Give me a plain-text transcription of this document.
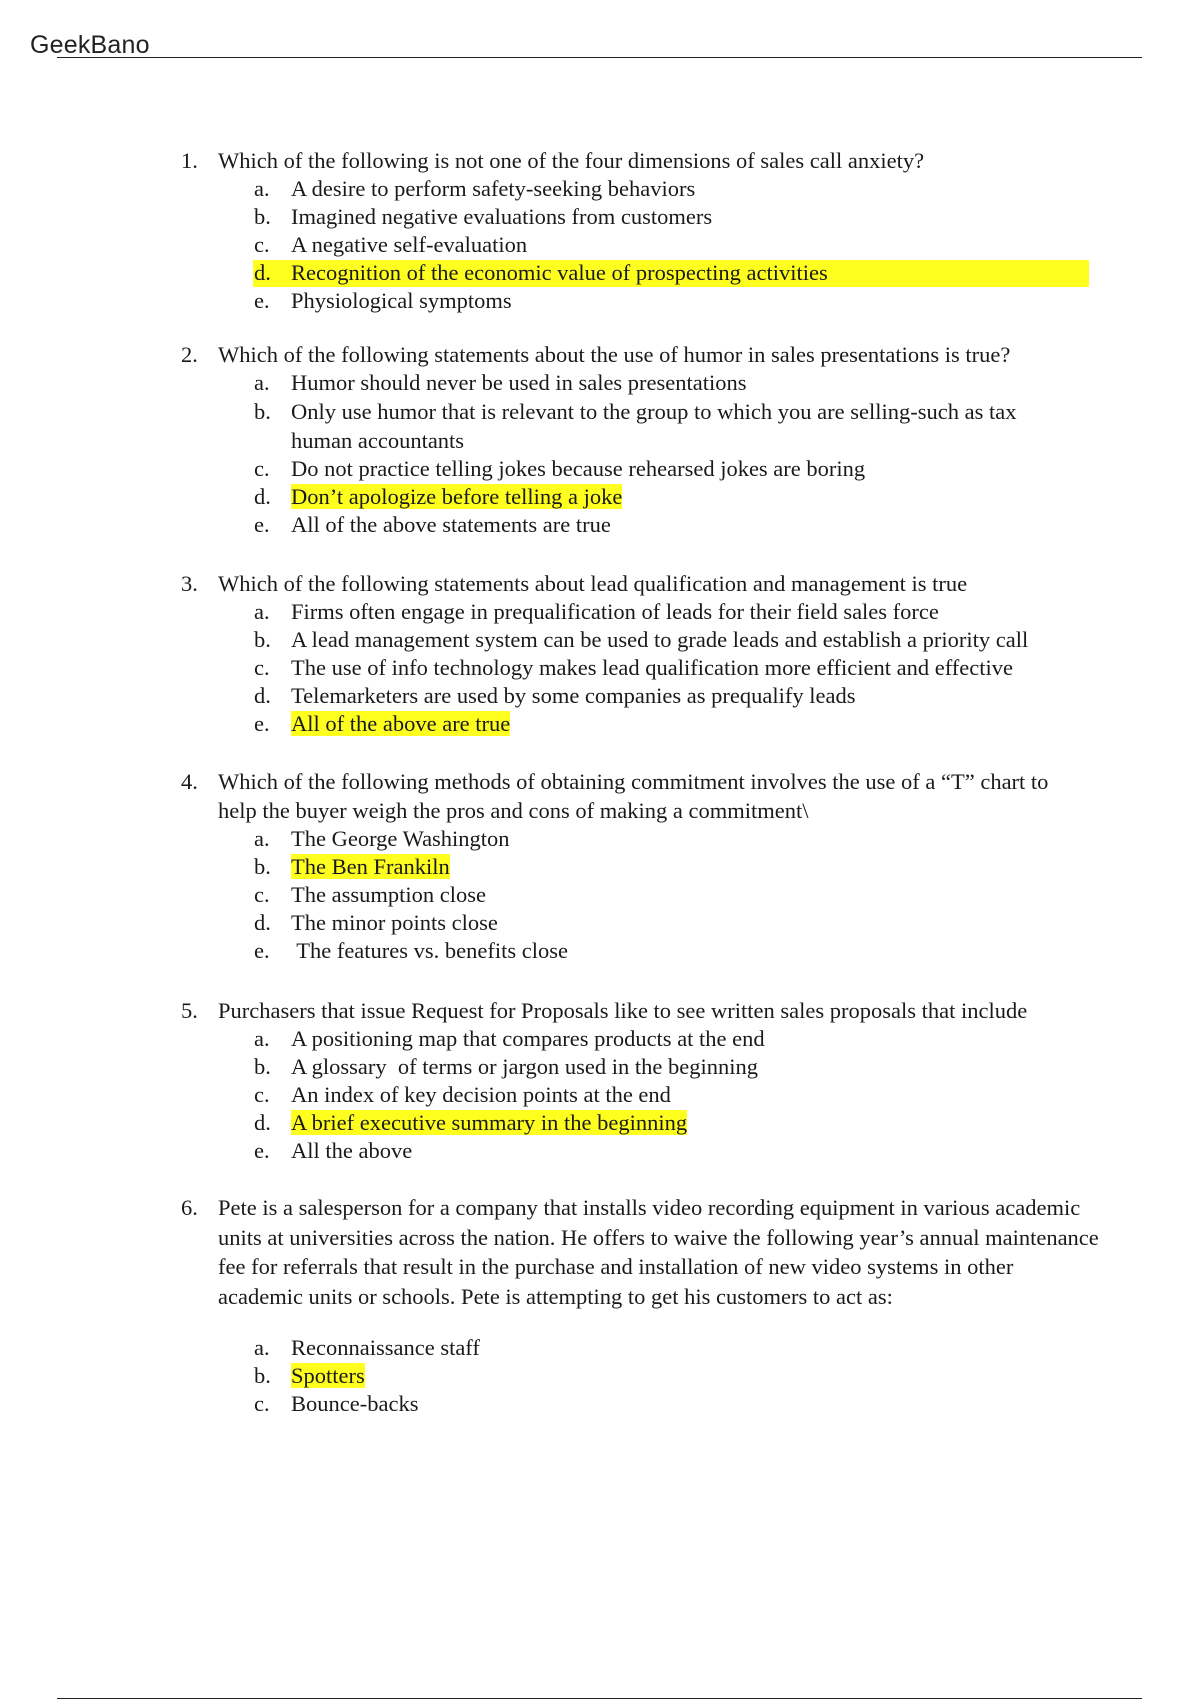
GeekBano
1. Which of the following is not one of the four dimensions of sales call anxiety?
a. A desire to perform safety-seeking behaviors
b. Imagined negative evaluations from customers
c. A negative self-evaluation
d. Recognition of the economic value of prospecting activities
e. Physiological symptoms
2. Which of the following statements about the use of humor in sales presentations is true?
a. Humor should never be used in sales presentations
b. Only use humor that is relevant to the group to which you are selling-such as tax human accountants
c. Do not practice telling jokes because rehearsed jokes are boring
d. Don’t apologize before telling a joke
e. All of the above statements are true
3. Which of the following statements about lead qualification and management is true
a. Firms often engage in prequalification of leads for their field sales force
b. A lead management system can be used to grade leads and establish a priority call
c. The use of info technology makes lead qualification more efficient and effective
d. Telemarketers are used by some companies as prequalify leads
e. All of the above are true
4. Which of the following methods of obtaining commitment involves the use of a “T” chart to help the buyer weigh the pros and cons of making a commitment\
a. The George Washington
b. The Ben Frankiln
c. The assumption close
d. The minor points close
e. The features vs. benefits close
5. Purchasers that issue Request for Proposals like to see written sales proposals that include
a. A positioning map that compares products at the end
b. A glossary  of terms or jargon used in the beginning
c. An index of key decision points at the end
d. A brief executive summary in the beginning
e. All the above
6. Pete is a salesperson for a company that installs video recording equipment in various academic units at universities across the nation. He offers to waive the following year’s annual maintenance fee for referrals that result in the purchase and installation of new video systems in other academic units or schools. Pete is attempting to get his customers to act as:
a. Reconnaissance staff
b. Spotters
c. Bounce-backs
